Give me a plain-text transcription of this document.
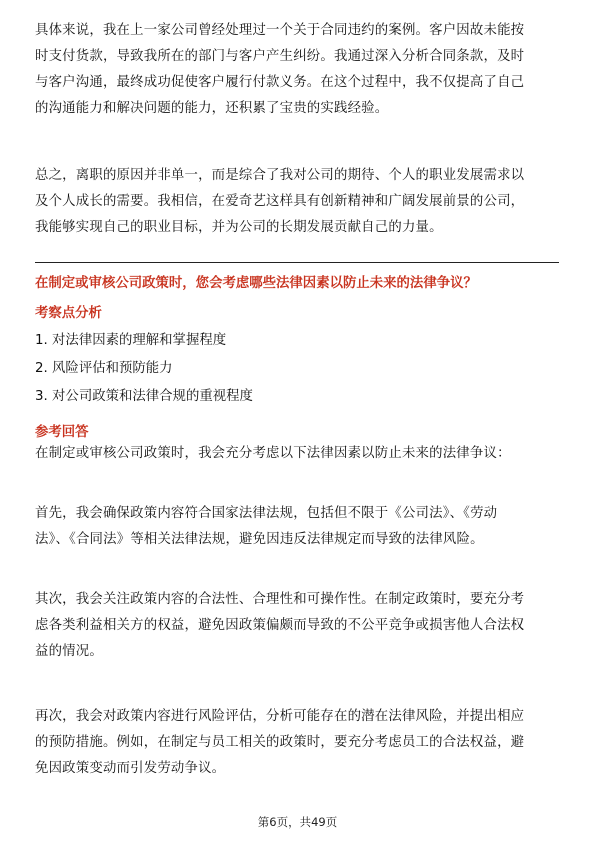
具体来说，我在上一家公司曾经处理过一个关于合同违约的案例。客户因故未能按
时支付货款，导致我所在的部门与客户产生纠纷。我通过深入分析合同条款，及时
与客户沟通，最终成功促使客户履行付款义务。在这个过程中，我不仅提高了自己
的沟通能力和解决问题的能力，还积累了宝贵的实践经验。
总之，离职的原因并非单一，而是综合了我对公司的期待、个人的职业发展需求以
及个人成长的需要。我相信，在爱奇艺这样具有创新精神和广阔发展前景的公司，
我能够实现自己的职业目标，并为公司的长期发展贡献自己的力量。
在制定或审核公司政策时，您会考虑哪些法律因素以防止未来的法律争议？
考察点分析
1. 对法律因素的理解和掌握程度
2. 风险评估和预防能力
3. 对公司政策和法律合规的重视程度
参考回答
在制定或审核公司政策时，我会充分考虑以下法律因素以防止未来的法律争议：
首先，我会确保政策内容符合国家法律法规，包括但不限于《公司法》、《劳动
法》、《合同法》等相关法律法规，避免因违反法律规定而导致的法律风险。
其次，我会关注政策内容的合法性、合理性和可操作性。在制定政策时，要充分考
虑各类利益相关方的权益，避免因政策偏颇而导致的不公平竞争或损害他人合法权
益的情况。
再次，我会对政策内容进行风险评估，分析可能存在的潜在法律风险，并提出相应
的预防措施。例如，在制定与员工相关的政策时，要充分考虑员工的合法权益，避
免因政策变动而引发劳动争议。
第6页，共49页
